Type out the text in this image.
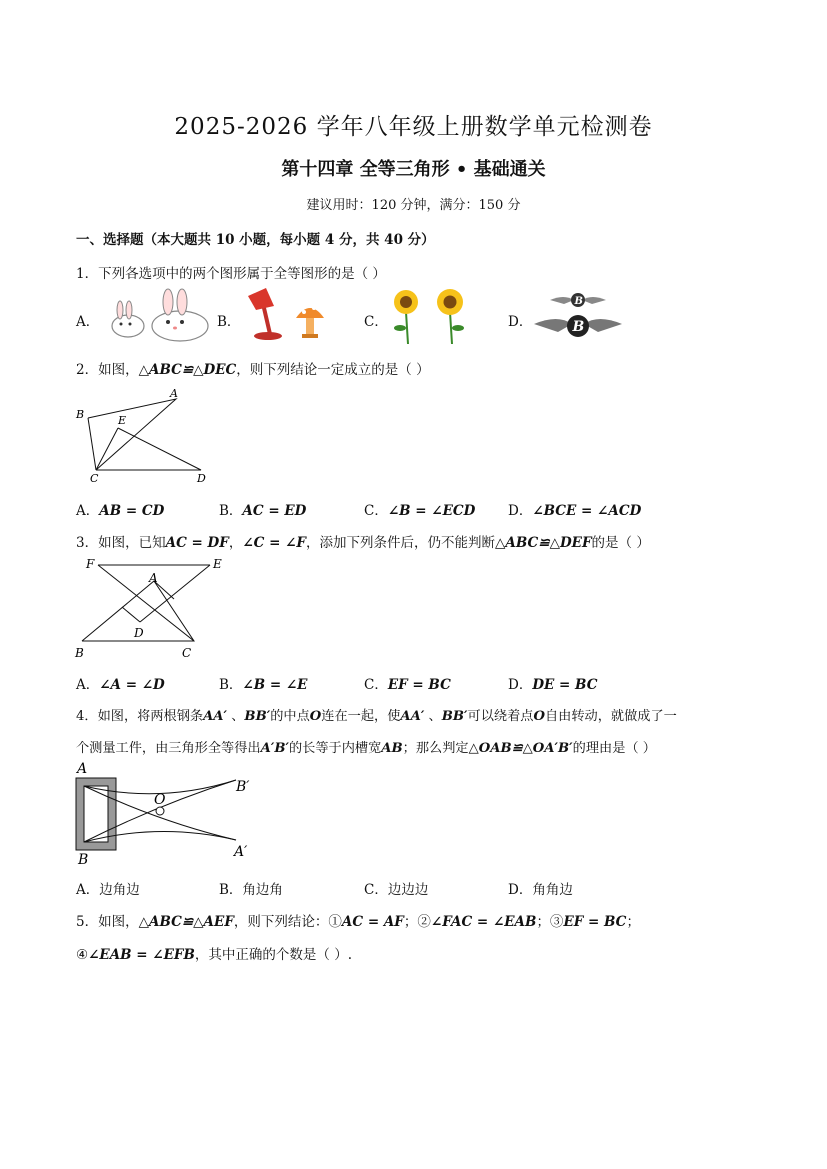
2025-2026 学年八年级上册数学单元检测卷
第十四章 全等三角形 • 基础通关
建议用时：120 分钟，满分：150 分
一、选择题（本大题共 10 小题，每小题 4 分，共 40 分）
1．下列各选项中的两个图形属于全等图形的是（ ）
A．	B．	C．	D．
B
B
2．如图，△ABC≌△DEC，则下列结论一定成立的是（ ）
B
A
E
C	D
A．AB = CD	B．AC = ED	C．∠B = ∠ECD D．∠BCE = ∠ACD
3．如图，已知AC = DF，∠C = ∠F，添加下列条件后，仍不能判断△ABC≌△DEF的是（ ）
F	E
A
D
B	C
A．∠A = ∠D	B．∠B = ∠E	C．EF = BC	D．DE = BC
4．如图，将两根钢条AA′ 、BB′的中点O连在一起，使AA′ 、BB′可以绕着点O自由转动，就做成了一
个测量工件，由三角形全等得出A′B′的长等于内槽宽AB；那么判定△OAB≌△OA′B′的理由是（ ）
A
O
B′
B	A′
A．边角边	B．角边角	C．边边边	D．角角边
5．如图，△ABC≌△AEF，则下列结论：①AC = AF；②∠FAC = ∠EAB；③EF = BC；
④∠EAB = ∠EFB，其中正确的个数是（ ）.
